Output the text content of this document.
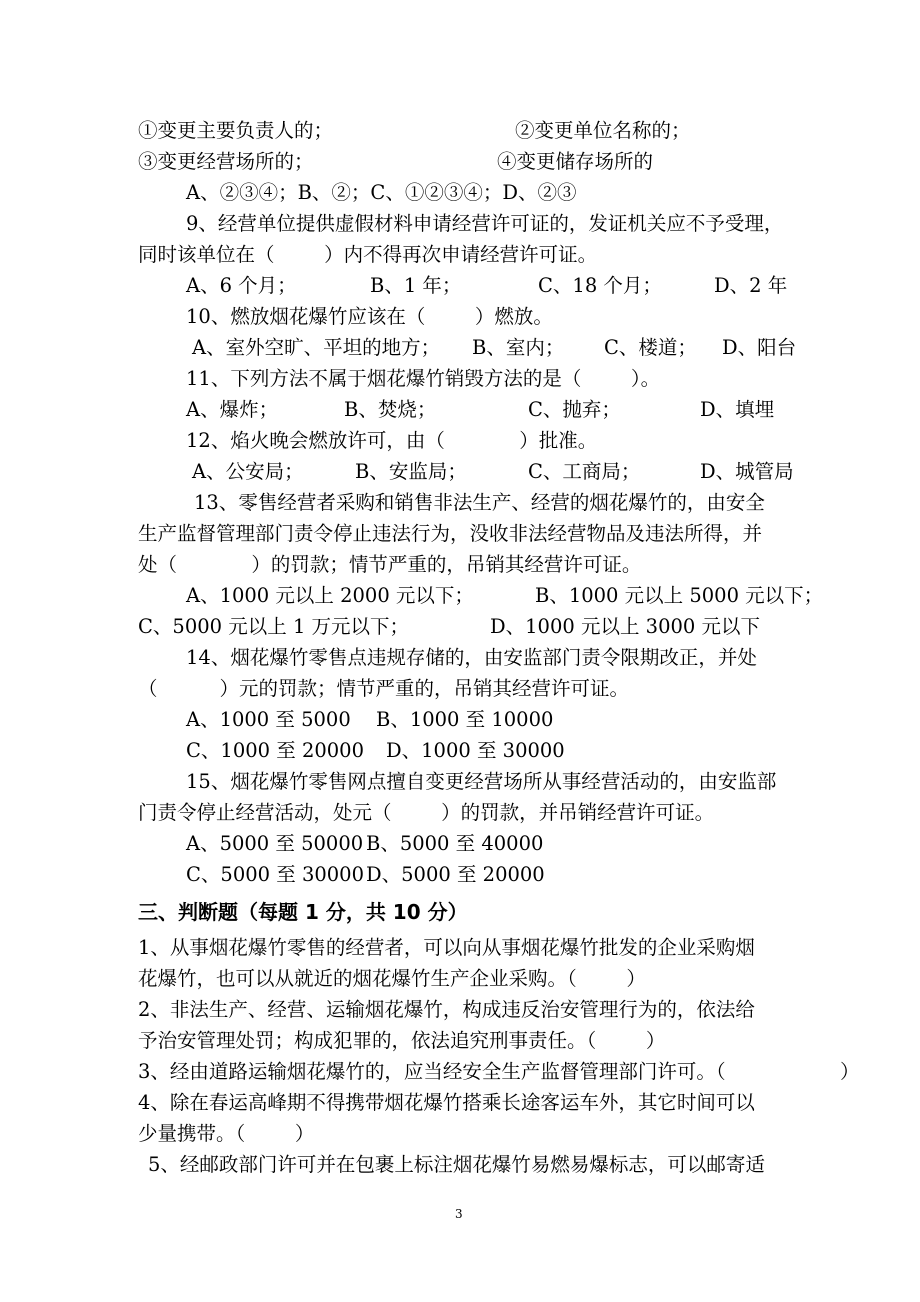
①变更主要负责人的；	②变更单位名称的；
③变更经营场所的；	④变更储存场所的
A、②③④；B、②；C、①②③④；D、②③
9、经营单位提供虚假材料申请经营许可证的，发证机关应不予受理，
同时该单位在（        ）内不得再次申请经营许可证。
A、6 个月；	B、1 年；	C、18 个月；	D、2 年
10、燃放烟花爆竹应该在（        ）燃放。
A、室外空旷、平坦的地方； B、室内； C、楼道； D、阳台
11、下列方法不属于烟花爆竹销毁方法的是（        ）。
A、爆炸；	B、焚烧；	C、抛弃；	D、填埋
12、焰火晚会燃放许可，由（            ）批准。
A、公安局；	B、安监局；	C、工商局；	D、城管局
13、零售经营者采购和销售非法生产、经营的烟花爆竹的，由安全
生产监督管理部门责令停止违法行为，没收非法经营物品及违法所得，并
处（            ）的罚款；情节严重的，吊销其经营许可证。
A、1000 元以上 2000 元以下；	B、1000 元以上 5000 元以下；
C、5000 元以上 1 万元以下；	D、1000 元以上 3000 元以下
14、烟花爆竹零售点违规存储的，由安监部门责令限期改正，并处
（          ）元的罚款；情节严重的，吊销其经营许可证。
A、1000 至 5000 B、1000 至 10000
C、1000 至 20000 D、1000 至 30000
15、烟花爆竹零售网点擅自变更经营场所从事经营活动的，由安监部
门责令停止经营活动，处元（        ）的罚款，并吊销经营许可证。
A、5000 至 50000 B、5000 至 40000
C、5000 至 30000 D、5000 至 20000
三、判断题（每题 1 分，共 10 分）
1、从事烟花爆竹零售的经营者，可以向从事烟花爆竹批发的企业采购烟
花爆竹，也可以从就近的烟花爆竹生产企业采购。（        ）
2、非法生产、经营、运输烟花爆竹，构成违反治安管理行为的，依法给
予治安管理处罚；构成犯罪的，依法追究刑事责任。（        ）
3、经由道路运输烟花爆竹的，应当经安全生产监督管理部门许可。（	）
4、除在春运高峰期不得携带烟花爆竹搭乘长途客运车外，其它时间可以
少量携带。（        ）
5、经邮政部门许可并在包裹上标注烟花爆竹易燃易爆标志，可以邮寄适
3
